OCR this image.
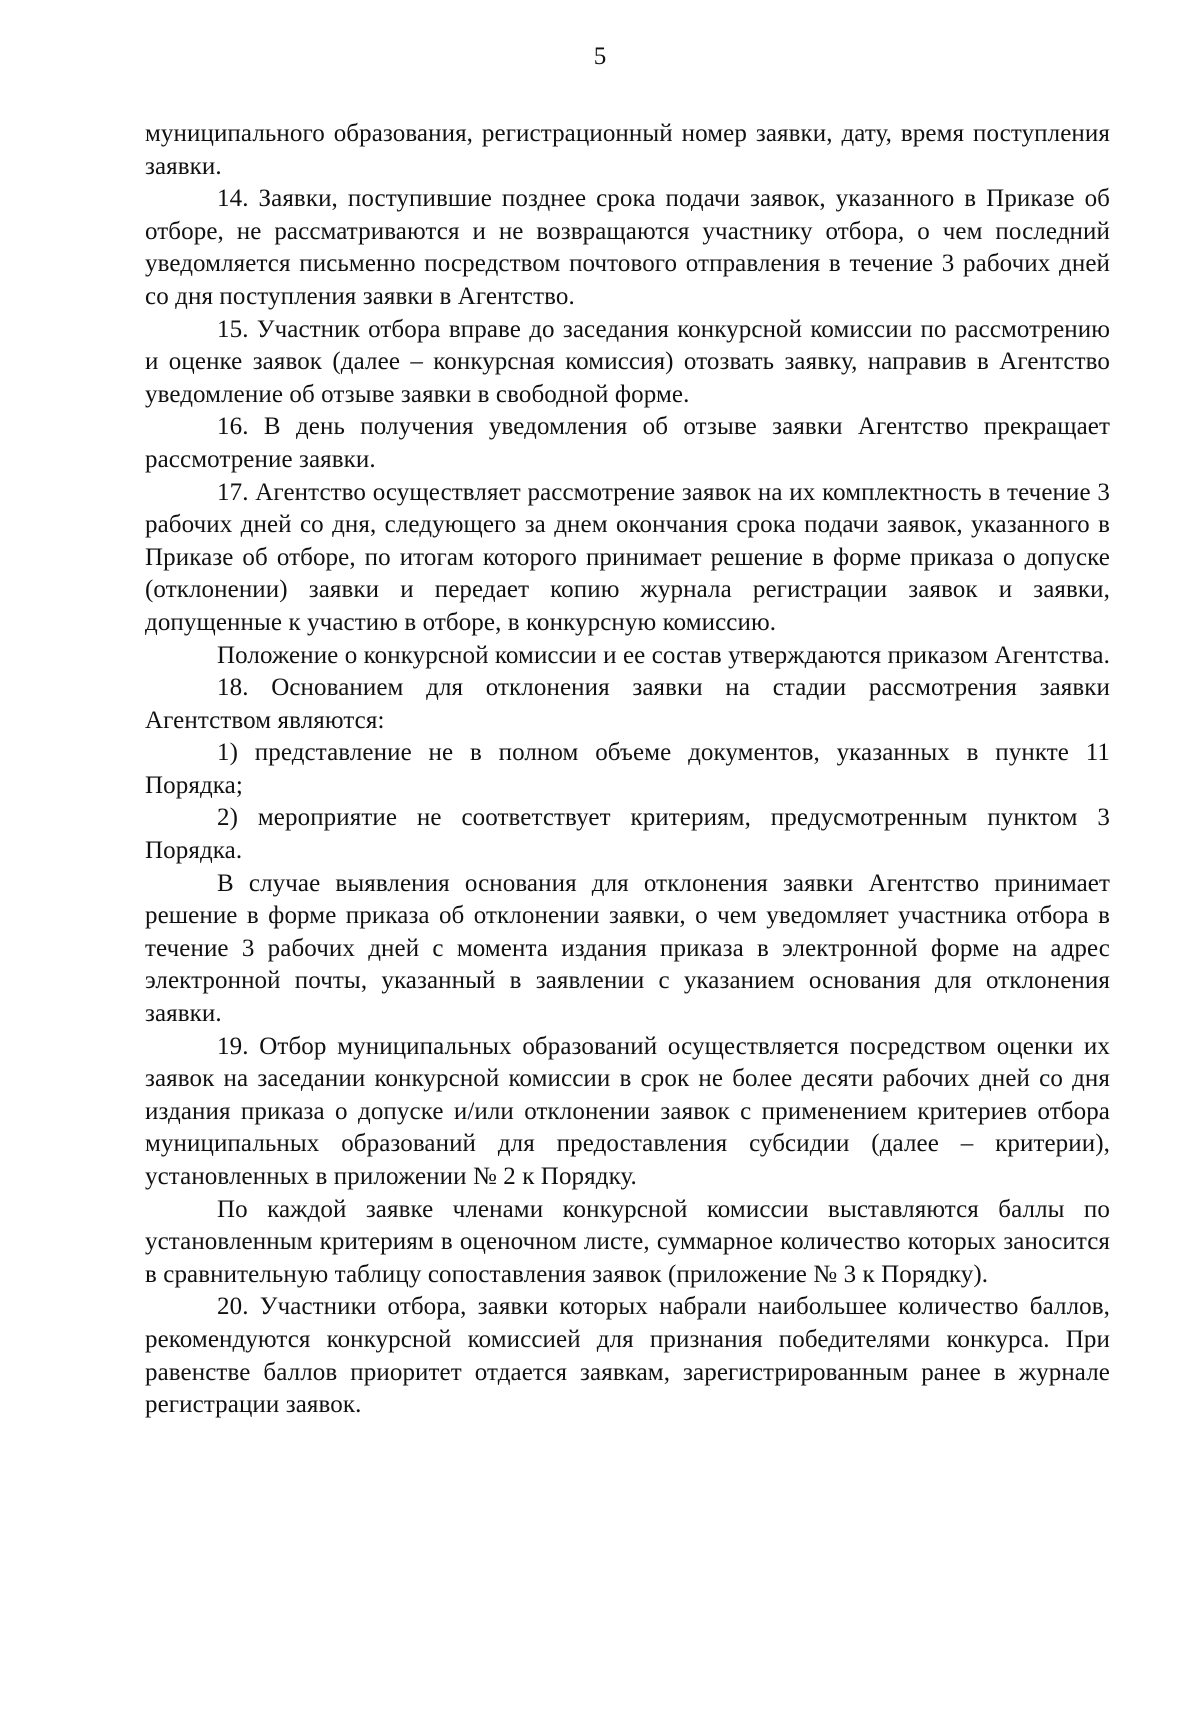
5

муниципального образования, регистрационный номер заявки, дату, время поступления заявки.

14. Заявки, поступившие позднее срока подачи заявок, указанного в Приказе об отборе, не рассматриваются и не возвращаются участнику отбора, о чем последний уведомляется письменно посредством почтового отправления в течение 3 рабочих дней со дня поступления заявки в Агентство.

15. Участник отбора вправе до заседания конкурсной комиссии по рассмотрению и оценке заявок (далее – конкурсная комиссия) отозвать заявку, направив в Агентство уведомление об отзыве заявки в свободной форме.

16. В день получения уведомления об отзыве заявки Агентство прекращает рассмотрение заявки.

17. Агентство осуществляет рассмотрение заявок на их комплектность в течение 3 рабочих дней со дня, следующего за днем окончания срока подачи заявок, указанного в Приказе об отборе, по итогам которого принимает решение в форме приказа о допуске (отклонении) заявки и передает копию журнала регистрации заявок и заявки, допущенные к участию в отборе, в конкурсную комиссию.

Положение о конкурсной комиссии и ее состав утверждаются приказом Агентства.

18. Основанием для отклонения заявки на стадии рассмотрения заявки Агентством являются:

1) представление не в полном объеме документов, указанных в пункте 11 Порядка;

2) мероприятие не соответствует критериям, предусмотренным пунктом 3 Порядка.

В случае выявления основания для отклонения заявки Агентство принимает решение в форме приказа об отклонении заявки, о чем уведомляет участника отбора в течение 3 рабочих дней с момента издания приказа в электронной форме на адрес электронной почты, указанный в заявлении с указанием основания для отклонения заявки.

19. Отбор муниципальных образований осуществляется посредством оценки их заявок на заседании конкурсной комиссии в срок не более десяти рабочих дней со дня издания приказа о допуске и/или отклонении заявок с применением критериев отбора муниципальных образований для предоставления субсидии (далее – критерии), установленных в приложении № 2 к Порядку.

По каждой заявке членами конкурсной комиссии выставляются баллы по установленным критериям в оценочном листе, суммарное количество которых заносится в сравнительную таблицу сопоставления заявок (приложение № 3 к Порядку).

20. Участники отбора, заявки которых набрали наибольшее количество баллов, рекомендуются конкурсной комиссией для признания победителями конкурса. При равенстве баллов приоритет отдается заявкам, зарегистрированным ранее в журнале регистрации заявок.
